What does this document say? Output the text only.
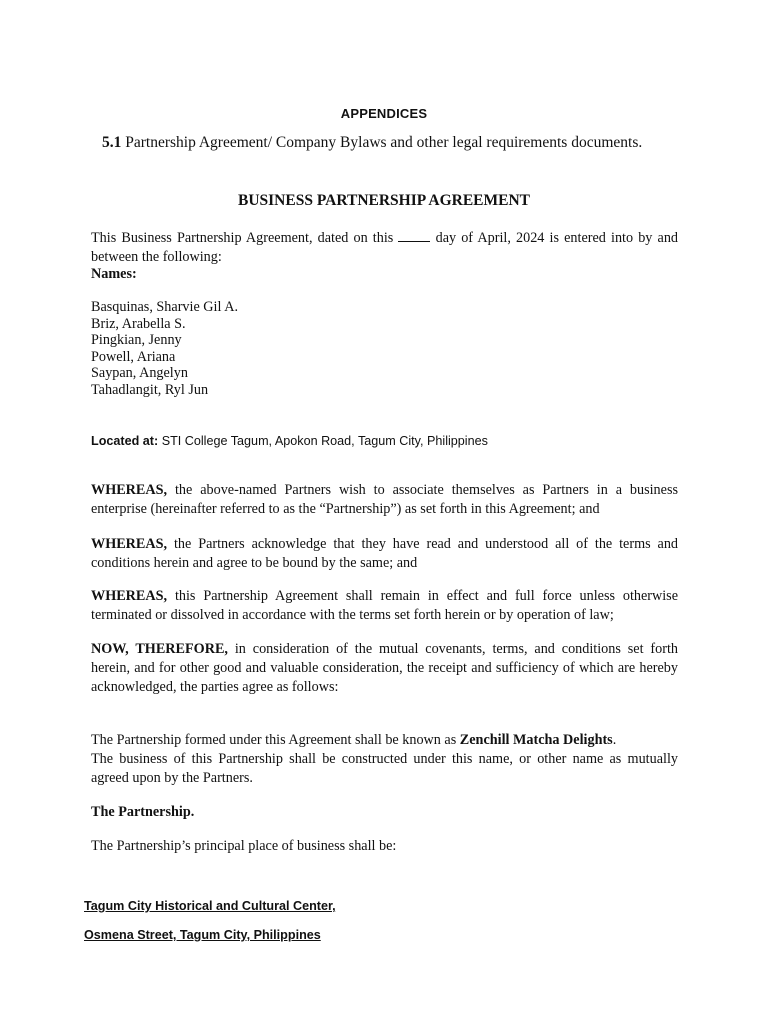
APPENDICES

5.1 Partnership Agreement/ Company Bylaws and other legal requirements documents.

BUSINESS PARTNERSHIP AGREEMENT

This Business Partnership Agreement, dated on this	day of April, 2024 is entered into by and between the following:

Names:

Basquinas, Sharvie Gil A.
Briz, Arabella S.
Pingkian, Jenny
Powell, Ariana
Saypan, Angelyn
Tahadlangit, Ryl Jun

Located at: STI College Tagum, Apokon Road, Tagum City, Philippines

WHEREAS, the above-named Partners wish to associate themselves as Partners in a business enterprise (hereinafter referred to as the “Partnership”) as set forth in this Agreement; and

WHEREAS, the Partners acknowledge that they have read and understood all of the terms and conditions herein and agree to be bound by the same; and

WHEREAS, this Partnership Agreement shall remain in effect and full force unless otherwise terminated or dissolved in accordance with the terms set forth herein or by operation of law;

NOW, THEREFORE, in consideration of the mutual covenants, terms, and conditions set forth herein, and for other good and valuable consideration, the receipt and sufficiency of which are hereby acknowledged, the parties agree as follows:

The Partnership formed under this Agreement shall be known as Zenchill Matcha Delights.

The business of this Partnership shall be constructed under this name, or other name as mutually agreed upon by the Partners.

The Partnership.

The Partnership’s principal place of business shall be:

Tagum City Historical and Cultural Center,

Osmena Street, Tagum City, Philippines
